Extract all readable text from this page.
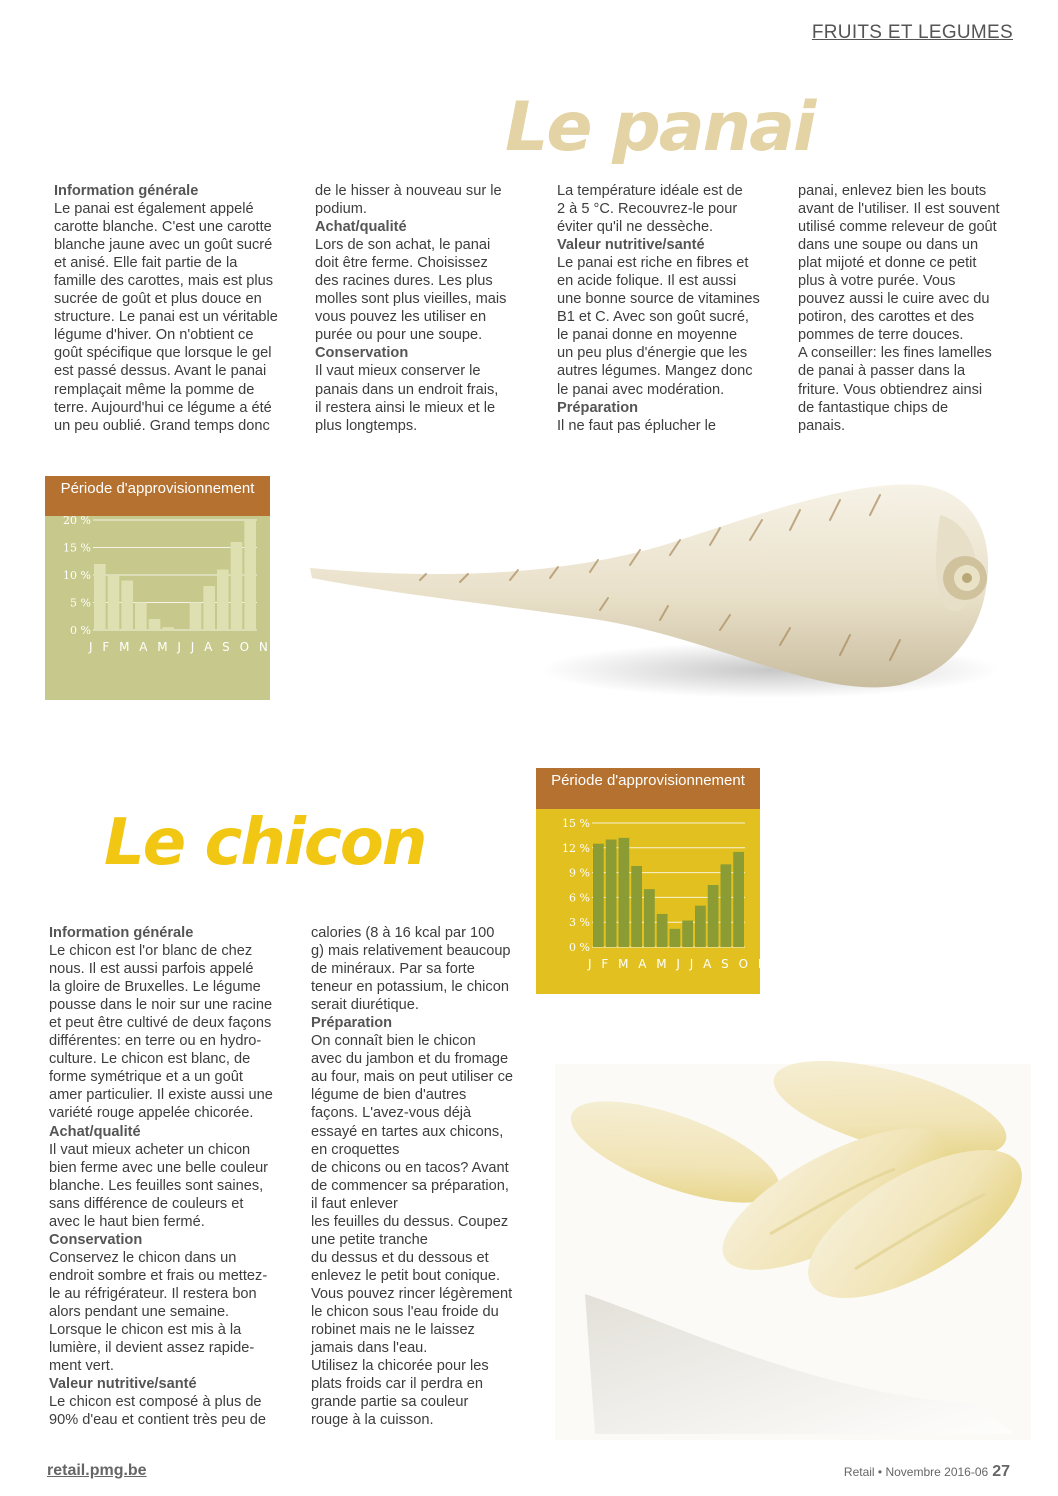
FRUITS ET LEGUMES
Le panai

Information générale

Le panai est également appelé
carotte blanche. C'est une carotte
blanche jaune avec un goût sucré
et anisé. Elle fait partie de la
famille des carottes, mais est plus
sucrée de goût et plus douce en
structure. Le panai est un véritable
légume d'hiver. On n'obtient ce
goût spécifique que lorsque le gel
est passé dessus. Avant le panai
remplaçait même la pomme de
terre. Aujourd'hui ce légume a été
un peu oublié. Grand temps donc

de le hisser à nouveau sur le
podium.

Achat/qualité

Lors de son achat, le panai
doit être ferme. Choisissez
des racines dures. Les plus
molles sont plus vieilles, mais
vous pouvez les utiliser en
purée ou pour une soupe.

Conservation

Il vaut mieux conserver le
panais dans un endroit frais,
il restera ainsi le mieux et le
plus longtemps.

La température idéale est de
2 à 5 °C. Recouvrez-le pour
éviter qu'il ne dessèche.

Valeur nutritive/santé

Le panai est riche en fibres et
en acide folique. Il est aussi
une bonne source de vitamines
B1 et C. Avec son goût sucré,
le panai donne en moyenne
un peu plus d'énergie que les
autres légumes. Mangez donc
le panai avec modération.

Préparation

Il ne faut pas éplucher le

panai, enlevez bien les bouts
avant de l'utiliser. Il est souvent
utilisé comme releveur de goût
dans une soupe ou dans un
plat mijoté et donne ce petit
plus à votre purée. Vous
pouvez aussi le cuire avec du
potiron, des carottes et des
pommes de terre douces.
A conseiller: les fines lamelles
de panai à passer dans la
friture. Vous obtiendrez ainsi
de fantastique chips de
panais.

Période d'approvisionnement
0 %
5 %
10 %
15 %
20 %
J F M A M J J A S O N D
Le chicon
Période d'approvisionnement
0 %
3 %
6 %
9 %
12 %
15 %
J F M A M J J A S O N D

Information générale

Le chicon est l'or blanc de chez
nous. Il est aussi parfois appelé
la gloire de Bruxelles. Le légume
pousse dans le noir sur une racine
et peut être cultivé de deux façons
différentes: en terre ou en hydro-
culture. Le chicon est blanc, de
forme symétrique et a un goût
amer particulier. Il existe aussi une
variété rouge appelée chicorée.

Achat/qualité

Il vaut mieux acheter un chicon
bien ferme avec une belle couleur
blanche. Les feuilles sont saines,
sans différence de couleurs et
avec le haut bien fermé.

Conservation

Conservez le chicon dans un
endroit sombre et frais ou mettez-
le au réfrigérateur. Il restera bon
alors pendant une semaine.
Lorsque le chicon est mis à la
lumière, il devient assez rapide-
ment vert.

Valeur nutritive/santé

Le chicon est composé à plus de
90% d'eau et contient très peu de

calories (8 à 16 kcal par 100
g) mais relativement beaucoup
de minéraux. Par sa forte
teneur en potassium, le chicon
serait diurétique.

Préparation

On connaît bien le chicon
avec du jambon et du fromage
au four, mais on peut utiliser ce
légume de bien d'autres
façons. L'avez-vous déjà
essayé en tartes aux chicons,
en croquettes
de chicons ou en tacos? Avant
de commencer sa préparation,
il faut enlever
les feuilles du dessus. Coupez
une petite tranche
du dessus et du dessous et
enlevez le petit bout conique.
Vous pouvez rincer légèrement
le chicon sous l'eau froide du
robinet mais ne le laissez
jamais dans l'eau.
Utilisez la chicorée pour les
plats froids car il perdra en
grande partie sa couleur
rouge à la cuisson.

retail.pmg.be	Retail • Novembre 2016-06 27
